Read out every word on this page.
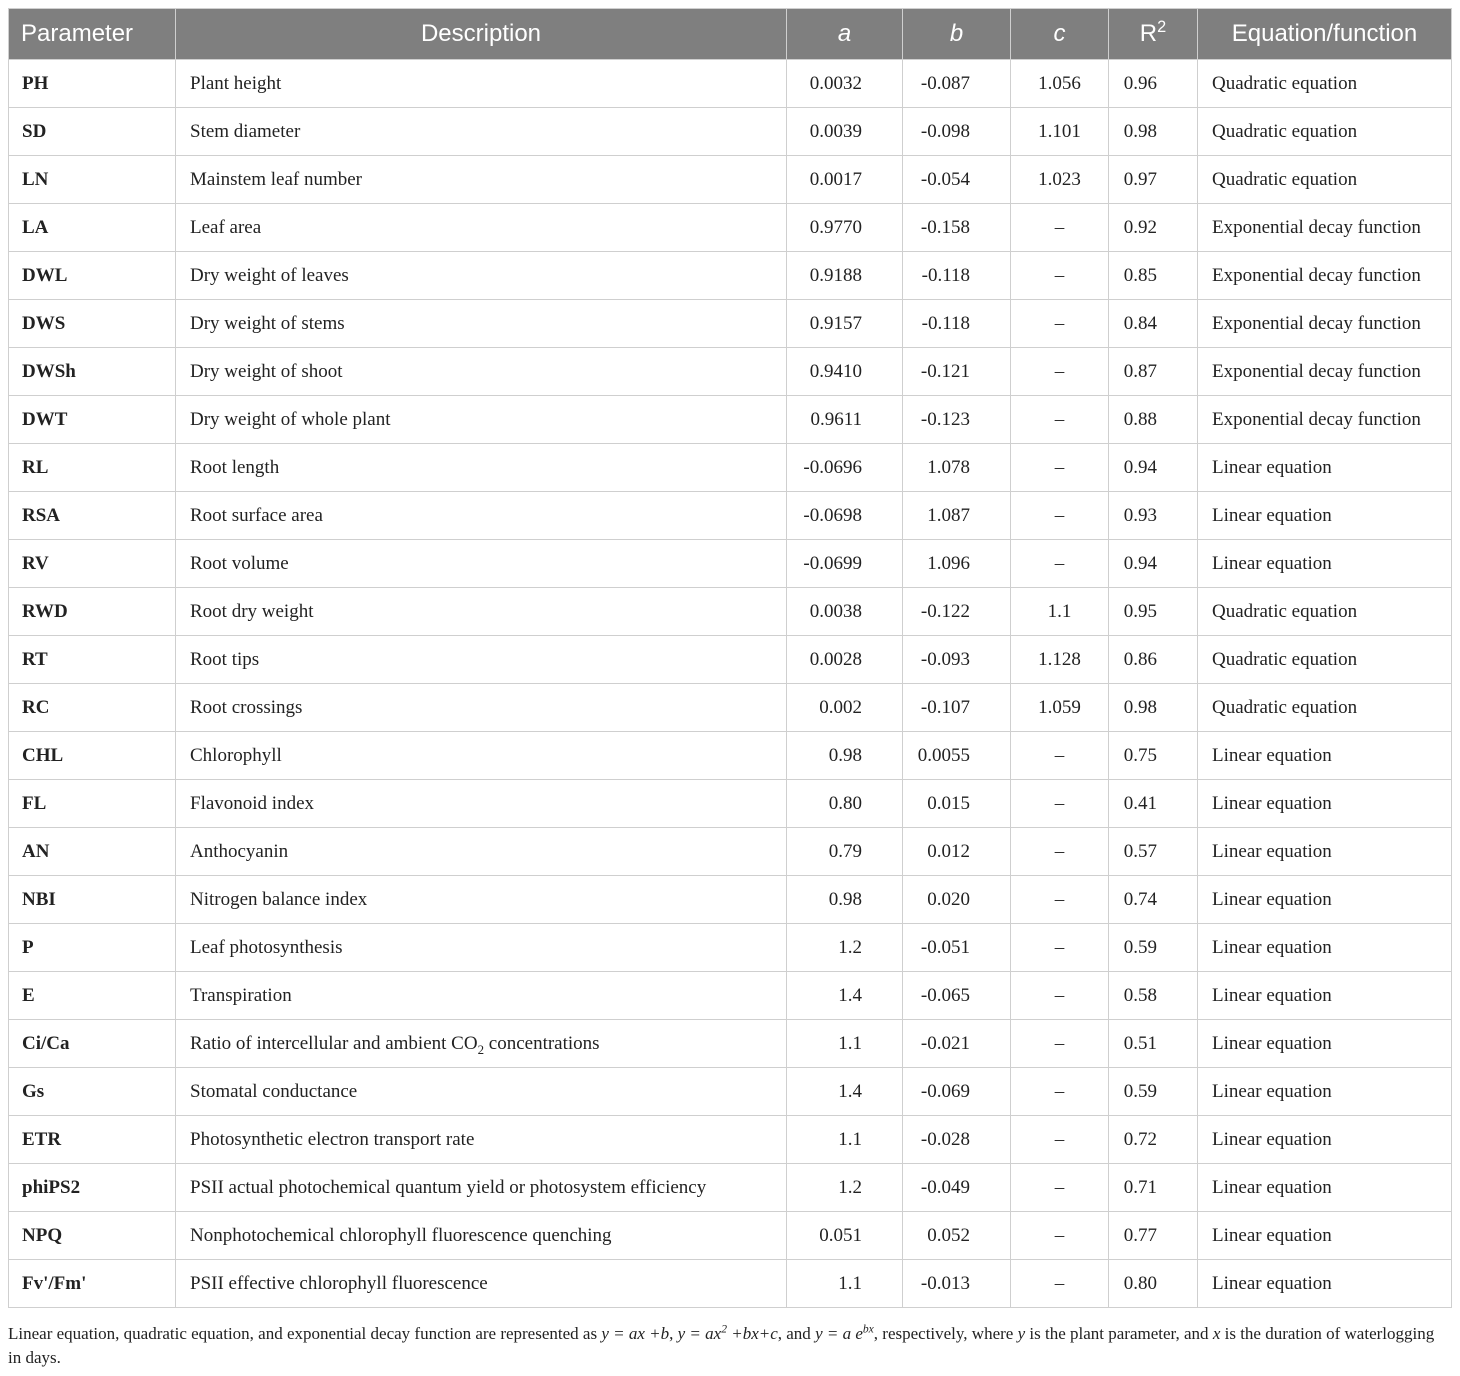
Parameter	Description	a	b	c	$R^2$	Equation/function
PH	Plant height	0.0032	-0.087	1.056	0.96	Quadratic equation
SD	Stem diameter	0.0039	-0.098	1.101	0.98	Quadratic equation
LN	Mainstem leaf number	0.0017	-0.054	1.023	0.97	Quadratic equation
LA	Leaf area	0.9770	-0.158	–	0.92	Exponential decay function
DWL	Dry weight of leaves	0.9188	-0.118	–	0.85	Exponential decay function
DWS	Dry weight of stems	0.9157	-0.118	–	0.84	Exponential decay function
DWSh	Dry weight of shoot	0.9410	-0.121	–	0.87	Exponential decay function
DWT	Dry weight of whole plant	0.9611	-0.123	–	0.88	Exponential decay function
RL	Root length	-0.0696	1.078	–	0.94	Linear equation
RSA	Root surface area	-0.0698	1.087	–	0.93	Linear equation
RV	Root volume	-0.0699	1.096	–	0.94	Linear equation
RWD	Root dry weight	0.0038	-0.122	1.1	0.95	Quadratic equation
RT	Root tips	0.0028	-0.093	1.128	0.86	Quadratic equation
RC	Root crossings	0.002	-0.107	1.059	0.98	Quadratic equation
CHL	Chlorophyll	0.98	0.0055	–	0.75	Linear equation
FL	Flavonoid index	0.80	0.015	–	0.41	Linear equation
AN	Anthocyanin	0.79	0.012	–	0.57	Linear equation
NBI	Nitrogen balance index	0.98	0.020	–	0.74	Linear equation
P	Leaf photosynthesis	1.2	-0.051	–	0.59	Linear equation
E	Transpiration	1.4	-0.065	–	0.58	Linear equation
Ci/Ca	Ratio of intercellular and ambient $CO_2$ concentrations	1.1	-0.021	–	0.51	Linear equation
Gs	Stomatal conductance	1.4	-0.069	–	0.59	Linear equation
ETR	Photosynthetic electron transport rate	1.1	-0.028	–	0.72	Linear equation
phiPS2	PSII actual photochemical quantum yield or photosystem efficiency	1.2	-0.049	–	0.71	Linear equation
NPQ	Nonphotochemical chlorophyll fluorescence quenching	0.051	0.052	–	0.77	Linear equation
Fv'/Fm'	PSII effective chlorophyll fluorescence	1.1	-0.013	–	0.80	Linear equation
Linear equation, quadratic equation, and exponential decay function are represented as y = ax +b, $y = ax^2 +bx+c$, and y = a $e^{bx}$, respectively, where y is the plant parameter, and x is the duration of waterlogging in days.
